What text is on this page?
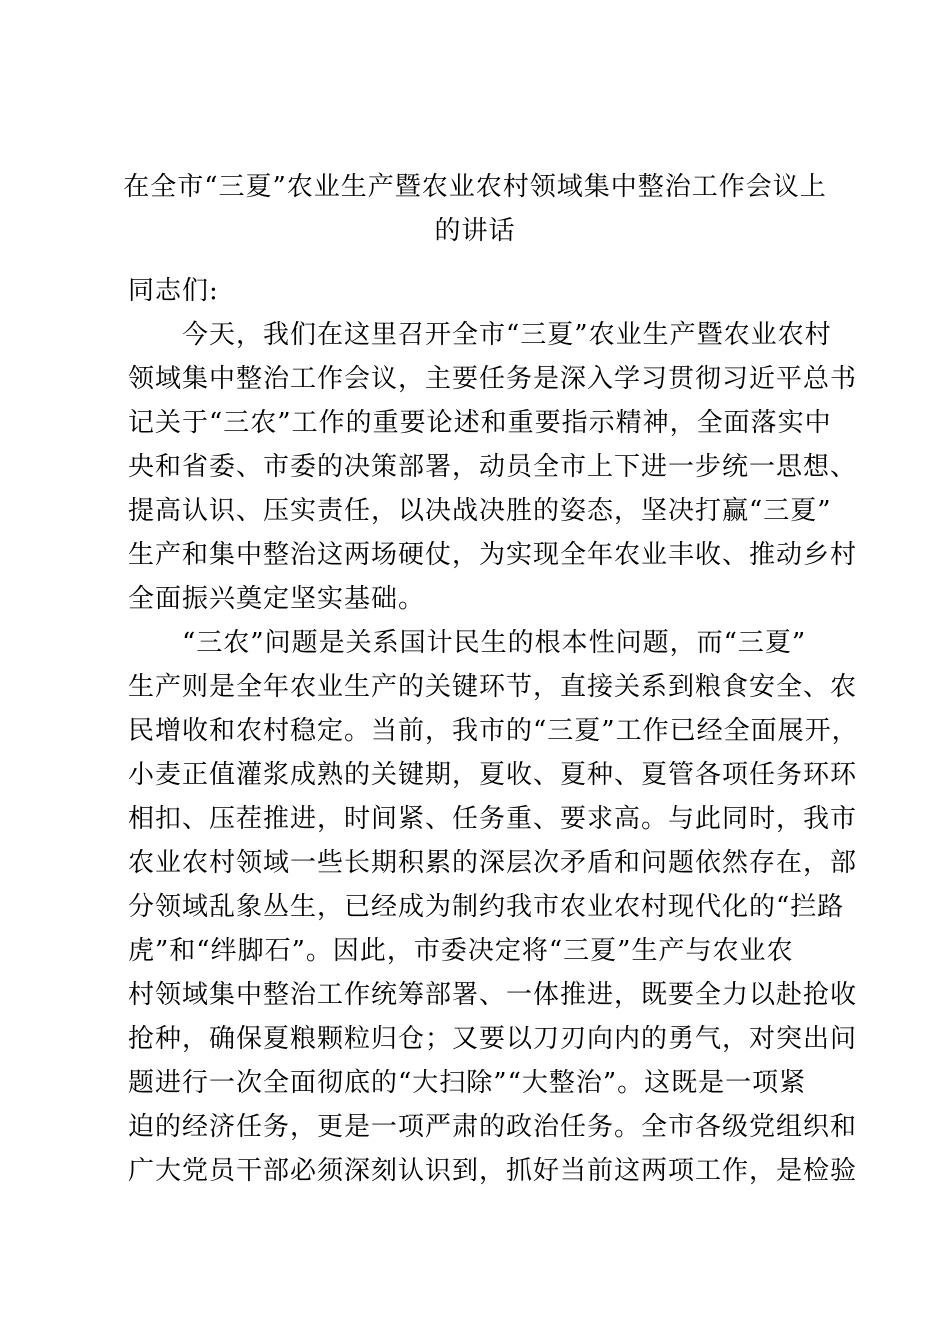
在全市“三夏”农业生产暨农业农村领域集中整治工作会议上
的讲话
同志们:
　　今天，我们在这里召开全市“三夏”农业生产暨农业农村
领域集中整治工作会议，主要任务是深入学习贯彻习近平总书
记关于“三农”工作的重要论述和重要指示精神，全面落实中
央和省委、市委的决策部署，动员全市上下进一步统一思想、
提高认识、压实责任，以决战决胜的姿态，坚决打赢“三夏”
生产和集中整治这两场硬仗，为实现全年农业丰收、推动乡村
全面振兴奠定坚实基础。
　　“三农”问题是关系国计民生的根本性问题，而“三夏”
生产则是全年农业生产的关键环节，直接关系到粮食安全、农
民增收和农村稳定。当前，我市的“三夏”工作已经全面展开，
小麦正值灌浆成熟的关键期，夏收、夏种、夏管各项任务环环
相扣、压茬推进，时间紧、任务重、要求高。与此同时，我市
农业农村领域一些长期积累的深层次矛盾和问题依然存在，部
分领域乱象丛生，已经成为制约我市农业农村现代化的“拦路
虎”和“绊脚石”。因此，市委决定将“三夏”生产与农业农
村领域集中整治工作统筹部署、一体推进，既要全力以赴抢收
抢种，确保夏粮颗粒归仓；又要以刀刃向内的勇气，对突出问
题进行一次全面彻底的“大扫除”“大整治”。这既是一项紧
迫的经济任务，更是一项严肃的政治任务。全市各级党组织和
广大党员干部必须深刻认识到，抓好当前这两项工作，是检验
